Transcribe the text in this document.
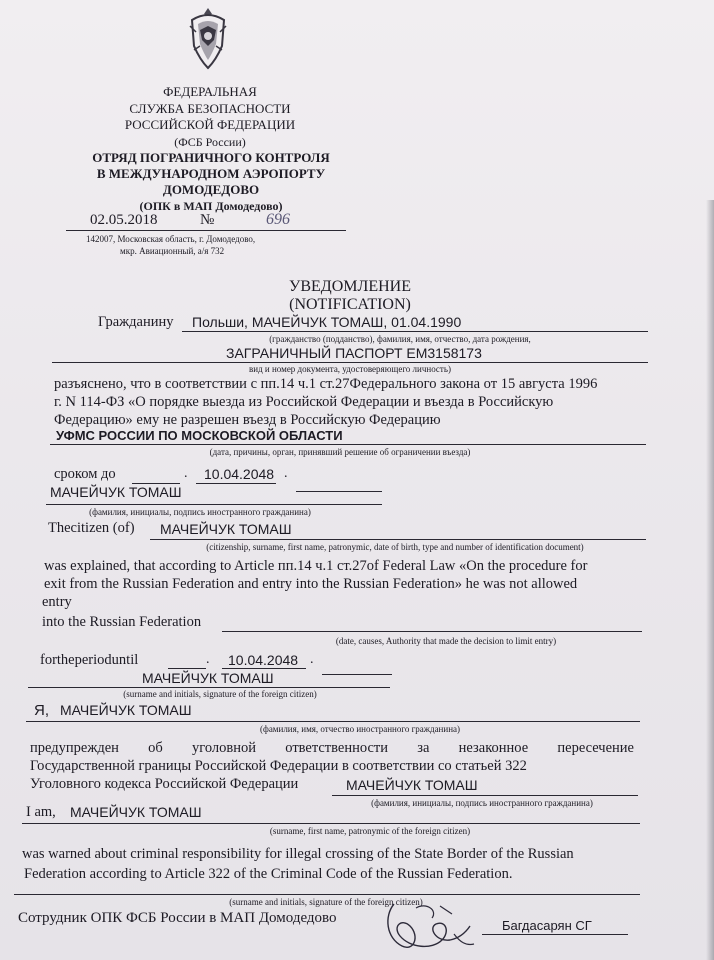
ФЕДЕРАЛЬНАЯ
СЛУЖБА БЕЗОПАСНОСТИ
РОССИЙСКОЙ ФЕДЕРАЦИИ
(ФСБ России)
ОТРЯД ПОГРАНИЧНОГО КОНТРОЛЯ
В МЕЖДУНАРОДНОМ АЭРОПОРТУ
ДОМОДЕДОВО
(ОПК в МАП Домодедово)
02.05.2018	№	696
142007, Московская область, г. Домодедово,
мкр. Авиационный, а/я 732
УВЕДОМЛЕНИЕ
(NOTIFICATION)
Гражданину Польши, МАЧЕЙЧУК ТОМАШ, 01.04.1990
(гражданство (подданство), фамилия, имя, отчество, дата рождения,
ЗАГРАНИЧНЫЙ ПАСПОРТ ЕМ3158173
вид и номер документа, удостоверяющего личность)
разъяснено, что в соответствии с пп.14 ч.1 ст.27Федерального закона от 15 августа 1996
г. N 114-ФЗ «О порядке выезда из Российской Федерации и въезда в Российскую
Федерацию» ему не разрешен въезд в Российскую Федерацию
УФМС РОССИИ ПО МОСКОВСКОЙ ОБЛАСТИ
(дата, причины, орган, принявший решение об ограничении въезда)
сроком до	. 10.04.2048 .
МАЧЕЙЧУК ТОМАШ
(фамилия, инициалы, подпись иностранного гражданина)
Thecitizen (of) МАЧЕЙЧУК ТОМАШ
(citizenship, surname, first name, patronymic, date of birth, type and number of identification document)
was explained, that according to Article пп.14 ч.1 ст.27of Federal Law «On the procedure for
exit from the Russian Federation and entry into the Russian Federation» he was not allowed
entry
into the Russian Federation
(date, causes, Authority that made the decision to limit entry)
fortheperioduntil	. 10.04.2048 .
МАЧЕЙЧУК ТОМАШ
(surname and initials, signature of the foreign citizen)
Я, МАЧЕЙЧУК ТОМАШ
(фамилия, имя, отчество иностранного гражданина)
предупрежден об уголовной ответственности за незаконное пересечение
Государственной границы Российской Федерации в соответствии со статьей 322
Уголовного кодекса Российской Федерации	МАЧЕЙЧУК ТОМАШ
(фамилия, инициалы, подпись иностранного гражданина)
I am, МАЧЕЙЧУК ТОМАШ
(surname, first name, patronymic of the foreign citizen)
was warned about criminal responsibility for illegal crossing of the State Border of the Russian
Federation according to Article 322 of the Criminal Code of the Russian Federation.
(surname and initials, signature of the foreign citizen)
Сотрудник ОПК ФСБ России в МАП Домодедово	Багдасарян СГ
